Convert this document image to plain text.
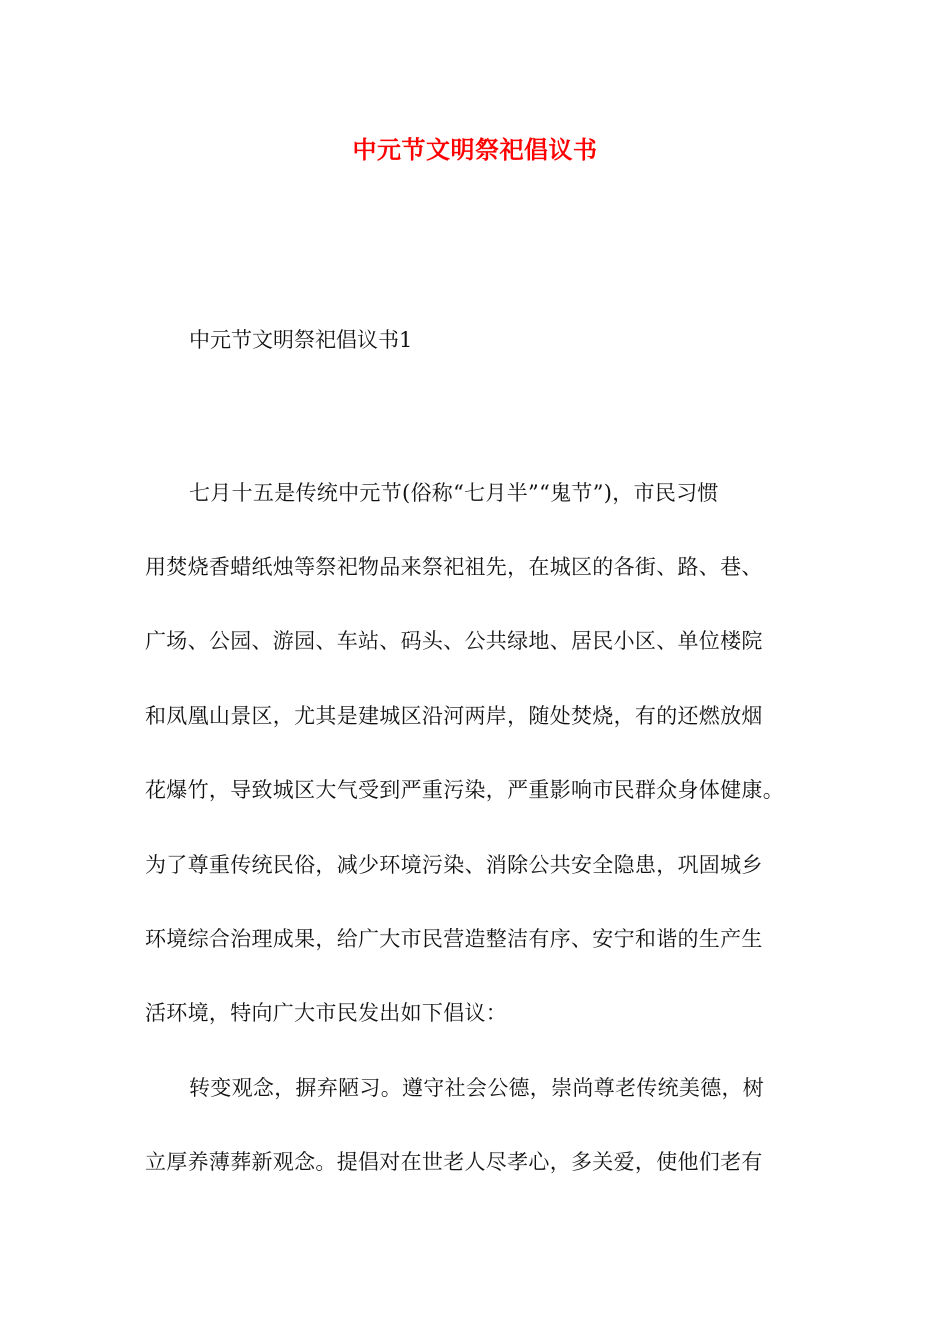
中元节文明祭祀倡议书
中元节文明祭祀倡议书1
七月十五是传统中元节(俗称“七月半”“鬼节”)，市民习惯
用焚烧香蜡纸烛等祭祀物品来祭祀祖先，在城区的各街、路、巷、
广场、公园、游园、车站、码头、公共绿地、居民小区、单位楼院
和凤凰山景区，尤其是建城区沿河两岸，随处焚烧，有的还燃放烟
花爆竹，导致城区大气受到严重污染，严重影响市民群众身体健康。
为了尊重传统民俗，减少环境污染、消除公共安全隐患，巩固城乡
环境综合治理成果，给广大市民营造整洁有序、安宁和谐的生产生
活环境，特向广大市民发出如下倡议：
转变观念，摒弃陋习。遵守社会公德，崇尚尊老传统美德，树
立厚养薄葬新观念。提倡对在世老人尽孝心，多关爱，使他们老有
